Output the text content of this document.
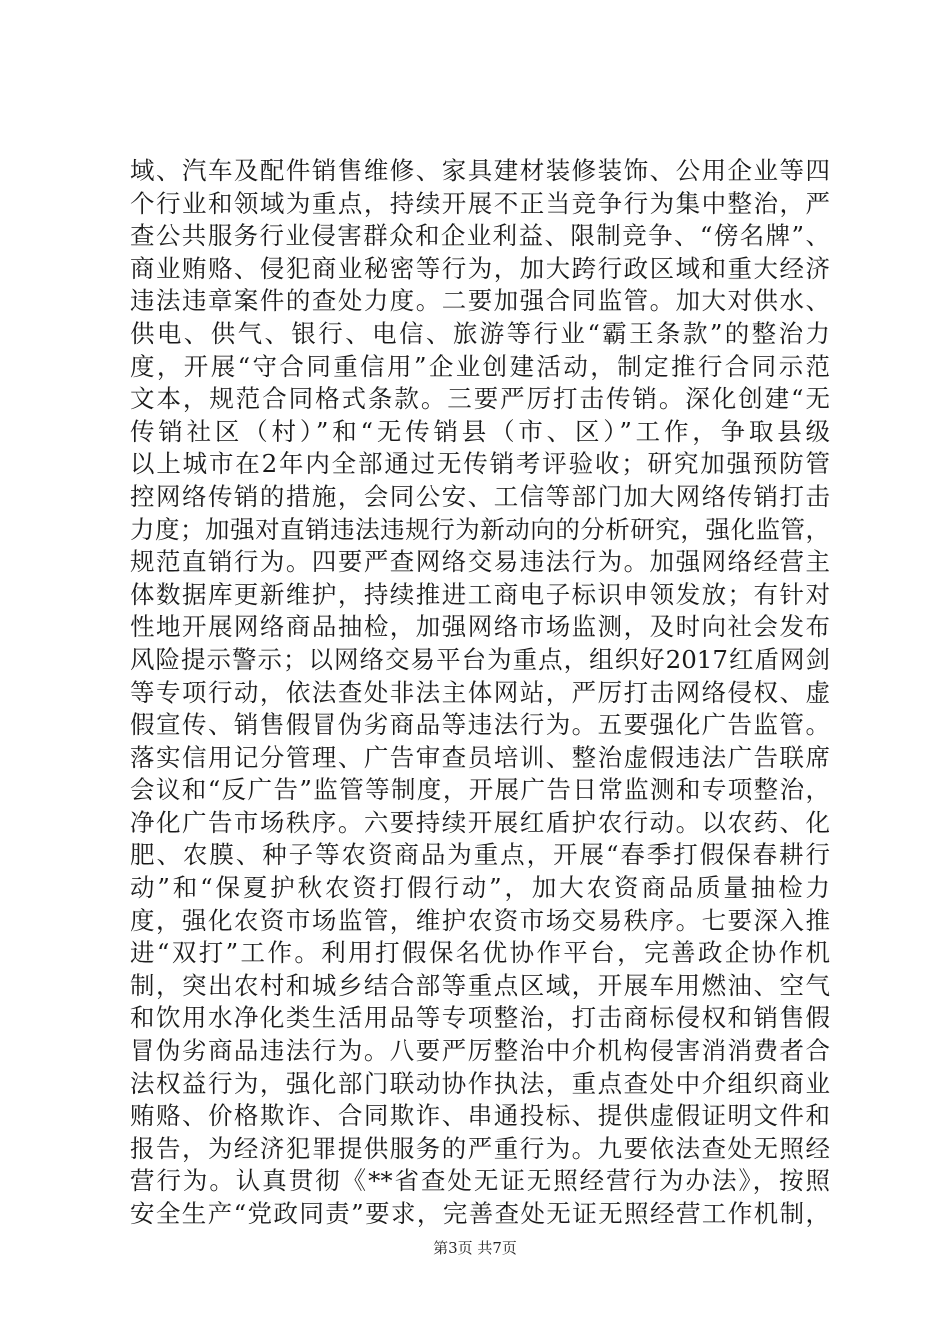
域、汽车及配件销售维修、家具建材装修装饰、公用企业等四
个行业和领域为重点，持续开展不正当竞争行为集中整治，严
查公共服务行业侵害群众和企业利益、限制竞争、“傍名牌”、
商业贿赂、侵犯商业秘密等行为，加大跨行政区域和重大经济
违法违章案件的查处力度。二要加强合同监管。加大对供水、
供电、供气、银行、电信、旅游等行业“霸王条款”的整治力
度，开展“守合同重信用”企业创建活动，制定推行合同示范
文本，规范合同格式条款。三要严厉打击传销。深化创建“无
传销社区（村）”和“无传销县（市、区）”工作，争取县级
以上城市在2年内全部通过无传销考评验收；研究加强预防管
控网络传销的措施，会同公安、工信等部门加大网络传销打击
力度；加强对直销违法违规行为新动向的分析研究，强化监管，
规范直销行为。四要严查网络交易违法行为。加强网络经营主
体数据库更新维护，持续推进工商电子标识申领发放；有针对
性地开展网络商品抽检，加强网络市场监测，及时向社会发布
风险提示警示；以网络交易平台为重点，组织好2017红盾网剑
等专项行动，依法查处非法主体网站，严厉打击网络侵权、虚
假宣传、销售假冒伪劣商品等违法行为。五要强化广告监管。
落实信用记分管理、广告审查员培训、整治虚假违法广告联席
会议和“反广告”监管等制度，开展广告日常监测和专项整治，
净化广告市场秩序。六要持续开展红盾护农行动。以农药、化
肥、农膜、种子等农资商品为重点，开展“春季打假保春耕行
动”和“保夏护秋农资打假行动”，加大农资商品质量抽检力
度，强化农资市场监管，维护农资市场交易秩序。七要深入推
进“双打”工作。利用打假保名优协作平台，完善政企协作机
制，突出农村和城乡结合部等重点区域，开展车用燃油、空气
和饮用水净化类生活用品等专项整治，打击商标侵权和销售假
冒伪劣商品违法行为。八要严厉整治中介机构侵害消消费者合
法权益行为，强化部门联动协作执法，重点查处中介组织商业
贿赂、价格欺诈、合同欺诈、串通投标、提供虚假证明文件和
报告，为经济犯罪提供服务的严重行为。九要依法查处无照经
营行为。认真贯彻《**省查处无证无照经营行为办法》，按照
安全生产“党政同责”要求，完善查处无证无照经营工作机制，
第3页 共7页
